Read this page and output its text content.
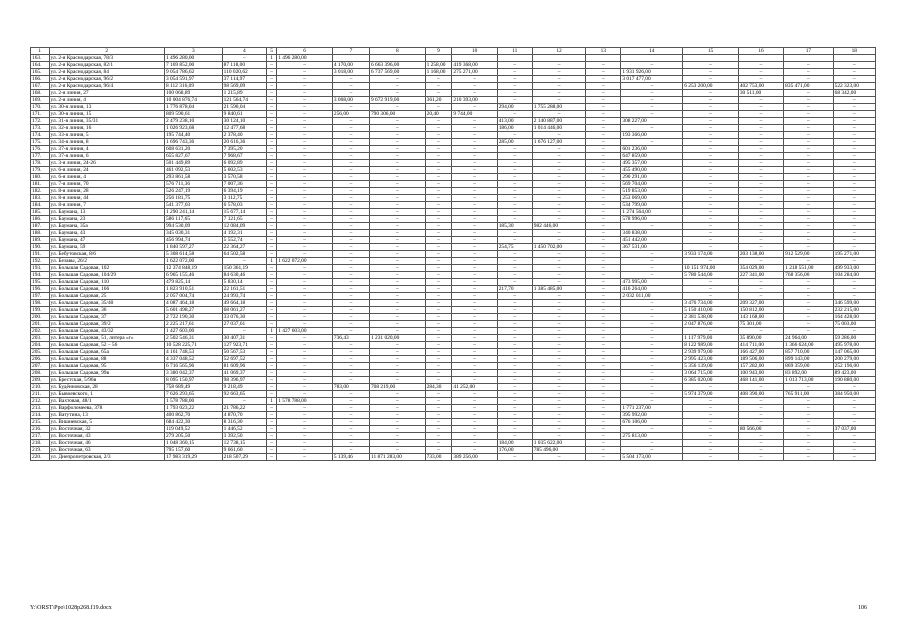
1	2	3	4	5	6	7	8	9	10	11	12	13	14	15	16	17	18
163.	ул. 2-я Краснодарская, 78/3	1 496 280,00	–	1	1 496 280,00												
164.	ул. 2-я Краснодарская, 82/1	7 169 852,00	87 118,00	–	–	4 170,00	6 663 396,00	1 258,00	419 368,00	–	–	–	–	–	–	–	–
165.	ул. 2-я Краснодарская, 84	9 054 786,62	110 020,62	–	–	3 018,00	6 737 569,00	1 168,00	275 271,00	–	–	–	1 931 926,00	–	–	–	–
166.	ул. 2-я Краснодарская, 96/2	3 054 591,97	37 114,97	–	–	–	–	–	–	–	–	–	3 017 477,00	–	–	–	–
167.	ул. 2-я Краснодарская, 96/4	8 112 316,09	98 569,09	–	–	–	–	–	–	–	–	–	–	6 253 200,00	402 753,00	835 471,00	522 323,00
168.	ул. 2-я линия, 27	100 068,89	1 215,89	–	–	–	–	–	–	–	–	–	–	–	30 511,00	–	68 342,00
169.	ул. 2-я линия, 4	10 004 876,74	121 564,74	–	–	3 008,00	9 672 919,00	361,20	210 393,00	–	–	–	–	–	–	–	–
170.	ул. 30-я линия, 13	1 776 878,04	21 590,04	–	–	–	–	–	–	294,00	1 755 288,00	–	–	–	–	–	–
171.	ул. 30-я линия, 15	809 590,61	9 840,61	–	–	256,00	790 306,00	20,40	9 744,00	–	–	–	–	–	–	–	–
172.	ул. 31-я линия, 35/31	2 479 238,10	30 124,10	–	–	–	–	–	–	413,00	2 140 887,00	–	308 227,00	–	–	–	–
173.	ул. 32-я линия, 16	1 026 923,68	12 477,68	–	–	–	–	–	–	186,00	1 014 446,00	–	–	–	–	–	–
174.	ул. 33-я линия, 5	195 744,40	2 378,40	–	–	–	–	–	–	–	–	–	193 366,00	–	–	–	–
175.	ул. 34-я линия, 8	1 696 743,36	20 616,36	–	–	–	–	–	–	285,00	1 676 127,00	–	–	–	–	–	–
176.	ул. 37-я линия, 4	608 631,20	7 395,20	–	–	–	–	–	–	–	–	–	601 236,00	–	–	–	–
177.	ул. 37-я линия, 6	655 827,67	7 968,67	–	–	–	–	–	–	–	–	–	647 859,00	–	–	–	–
178.	ул. 3-я линия, 24-26	501 449,89	6 092,89	–	–	–	–	–	–	–	–	–	495 357,00	–	–	–	–
179.	ул. 6-я линия, 24	461 092,53	5 602,53	–	–	–	–	–	–	–	–	–	455 490,00	–	–	–	–
180.	ул. 6-я линия, 4	293 861,58	3 570,58	–	–	–	–	–	–	–	–	–	290 291,00	–	–	–	–
181.	ул. 7-я линия, 70	576 711,36	7 007,36	–	–	–	–	–	–	–	–	–	569 704,00	–	–	–	–
182.	ул. 8-я линия, 28	526 247,19	6 394,19	–	–	–	–	–	–	–	–	–	519 853,00	–	–	–	–
183.	ул. 8-я линия, 44	256 181,75	3 112,75	–	–	–	–	–	–	–	–	–	253 069,00	–	–	–	–
184.	ул. 8-я линия, 7	541 377,03	6 578,03	–	–	–	–	–	–	–	–	–	534 799,00	–	–	–	–
185.	ул. Баумана, 13	1 290 241,14	15 677,14	–	–	–	–	–	–	–	–	–	1 274 564,00	–	–	–	–
186.	ул. Баумана, 23	586 117,65	7 121,65	–	–	–	–	–	–	–	–	–	578 996,00	–	–	–	–
187.	ул. Баумана, 35а	994 530,09	12 084,09	–	–	–	–	–	–	185,30	982 446,00	–	–	–	–	–	–
188.	ул. Баумана, 43	345 030,31	4 192,31	–	–	–	–	–	–	–	–	–	340 838,00	–	–	–	–
189.	ул. Баумана, 47	456 994,74	5 552,74	–	–	–	–	–	–	–	–	–	451 442,00	–	–	–	–
190.	ул. Баумана, 59	1 840 597,27	22 364,27	–	–	–	–	–	–	254,75	1 450 702,00	–	367 531,00	–	–	–	–
191.	ул. Бебутовская, 8/6	5 308 614,58	64 502,58	–	–	–	–	–	–	–	–	–	–	3 933 174,00	203 138,00	912 529,00	195 271,00
192.	ул. Безавы, 26/2	1 622 072,00	–	1	1 622 072,00	–	–	–	–	–	–	–	–	–	–	–	–
193.	ул. Большая Садовая, 102	12 374 848,19	150 361,19	–	–	–	–	–	–	–	–	–	–	10 151 974,00	354 029,00	1 218 551,00	499 933,00
194.	ул. Большая Садовая, 104/29	6 965 155,46	84 630,46	–	–	–	–	–	–	–	–	–	–	5 780 544,00	227 341,00	768 356,00	104 284,00
195.	ул. Большая Садовая, 110	479 825,14	5 830,14	–	–	–	–	–	–	–	–	–	473 995,00	–	–	–	–
196.	ул. Большая Садовая, 166	1 823 910,51	22 161,51	–	–	–	–	–	–	217,70	1 385 485,00	–	416 264,00	–	–	–	–
197.	ул. Большая Садовая, 25	2 057 004,74	24 993,74	–	–	–	–	–	–	–	–	–	2 032 011,00	–	–	–	–
198.	ул. Большая Садовая, 35/40	4 087 464,18	49 664,18	–	–	–	–	–	–	–	–	–	–	3 476 734,00	209 327,00	–	346 599,00
199.	ул. Большая Садовая, 36	5 601 498,27	68 061,27	–	–	–	–	–	–	–	–	–	–	5 150 410,00	150 812,00	–	232 215,00
200.	ул. Большая Садовая, 37	2 722 190,30	33 076,30	–	–	–	–	–	–	–	–	–	–	2 381 538,00	143 168,00	–	164 428,00
201.	ул. Большая Садовая, 39/2	2 225 217,61	27 037,61	–	–	–	–	–	–	–	–	–	–	2 047 876,00	75 301,00	–	75 003,00
202.	ул. Большая Садовая, 43/32	1 427 603,00	–	1	1 427 603,00	–	–	–	–	–	–	–	–	–	–	–	–
203.	ул. Большая Садовая, 51, литера «г»	2 502 546,31	30 407,31	–	–	736,43	1 231 020,00	–	–	–	–	–	–	1 117 979,00	35 890,00	24 964,00	59 286,00
204.	ул. Большая Садовая, 52 – 56	10 528 225,71	127 923,71	–	–	–	–	–	–	–	–	–	–	8 122 989,00	414 711,00	1 366 624,00	495 978,00
205.	ул. Большая Садовая, 65а	4 161 748,53	50 567,53	–	–	–	–	–	–	–	–	–	–	2 939 979,00	166 427,00	857 710,00	147 065,00
206.	ул. Большая Садовая, 88	4 337 048,52	52 697,52	–	–	–	–	–	–	–	–	–	–	2 995 423,00	189 506,00	899 143,00	200 279,00
207.	ул. Большая Садовая, 95	6 716 565,96	81 609,96	–	–	–	–	–	–	–	–	–	–	5 356 139,00	157 282,00	869 359,00	252 196,00
208.	ул. Большая Садовая, 99в	3 380 042,37	41 069,37	–	–	–	–	–	–	–	–	–	–	3 064 715,00	100 943,00	83 892,00	89 423,00
209.	ул. Брестская, 5/96в	8 095 150,97	98 396,97	–	–	–	–	–	–	–	–	–	–	6 385 020,00	468 141,00	1 013 713,00	190 880,00
210.	ул. Будённовская, 28	758 689,49	9 218,49	–	–	783,00	708 219,00	284,30	41 252,00	–	–	–	–	–	–	–	–
211.	ул. Бывоевского, 1	7 626 293,65	92 663,65	–	–	–	–	–	–	–	–	–	–	5 974 379,00	408 390,00	765 911,00	384 950,00
212.	ул. Вахтовая, 48/1	1 578 788,00	–	1	1 578 788,00	–	–	–	–	–	–	–	–	–	–	–	–
213.	ул. Варфоломеева, 378	1 793 023,22	21 786,22	–	–	–	–	–	–	–	–	–	1 771 237,00	–	–	–	–
214.	ул. Ватутина, 13	400 862,70	4 870,70	–	–	–	–	–	–	–	–	–	395 992,00	–	–	–	–
215.	ул. Вишневская, 5	684 422,30	8 316,30	–	–	–	–	–	–	–	–	–	676 106,00	–	–	–	–
216.	ул. Восточная, 32	119 049,52	1 446,52	–	–	–	–	–	–	–	–	–	–	–	80 566,00	–	37 037,00
217.	ул. Восточная, 43	279 205,50	3 392,50	–	–	–	–	–	–	–	–	–	275 813,00	–	–	–	–
218.	ул. Восточная, 46	1 048 360,15	12 738,15	–	–	–	–	–	–	184,00	1 035 622,00	–	–	–	–	–	–
219.	ул. Восточная, 63	795 157,60	9 661,60	–	–	–	–	–	–	176,00	785 496,00	–	–	–	–	–	–
220.	ул. Днепропетровская, 2/3	17 983 319,29	218 507,29	–	–	5 139,46	11 871 283,00	733,00	389 256,00	–	–	–	5 504 173,00	–	–	–	–
Y:\ORST\Ppo\1028p268.f19.docx	106
